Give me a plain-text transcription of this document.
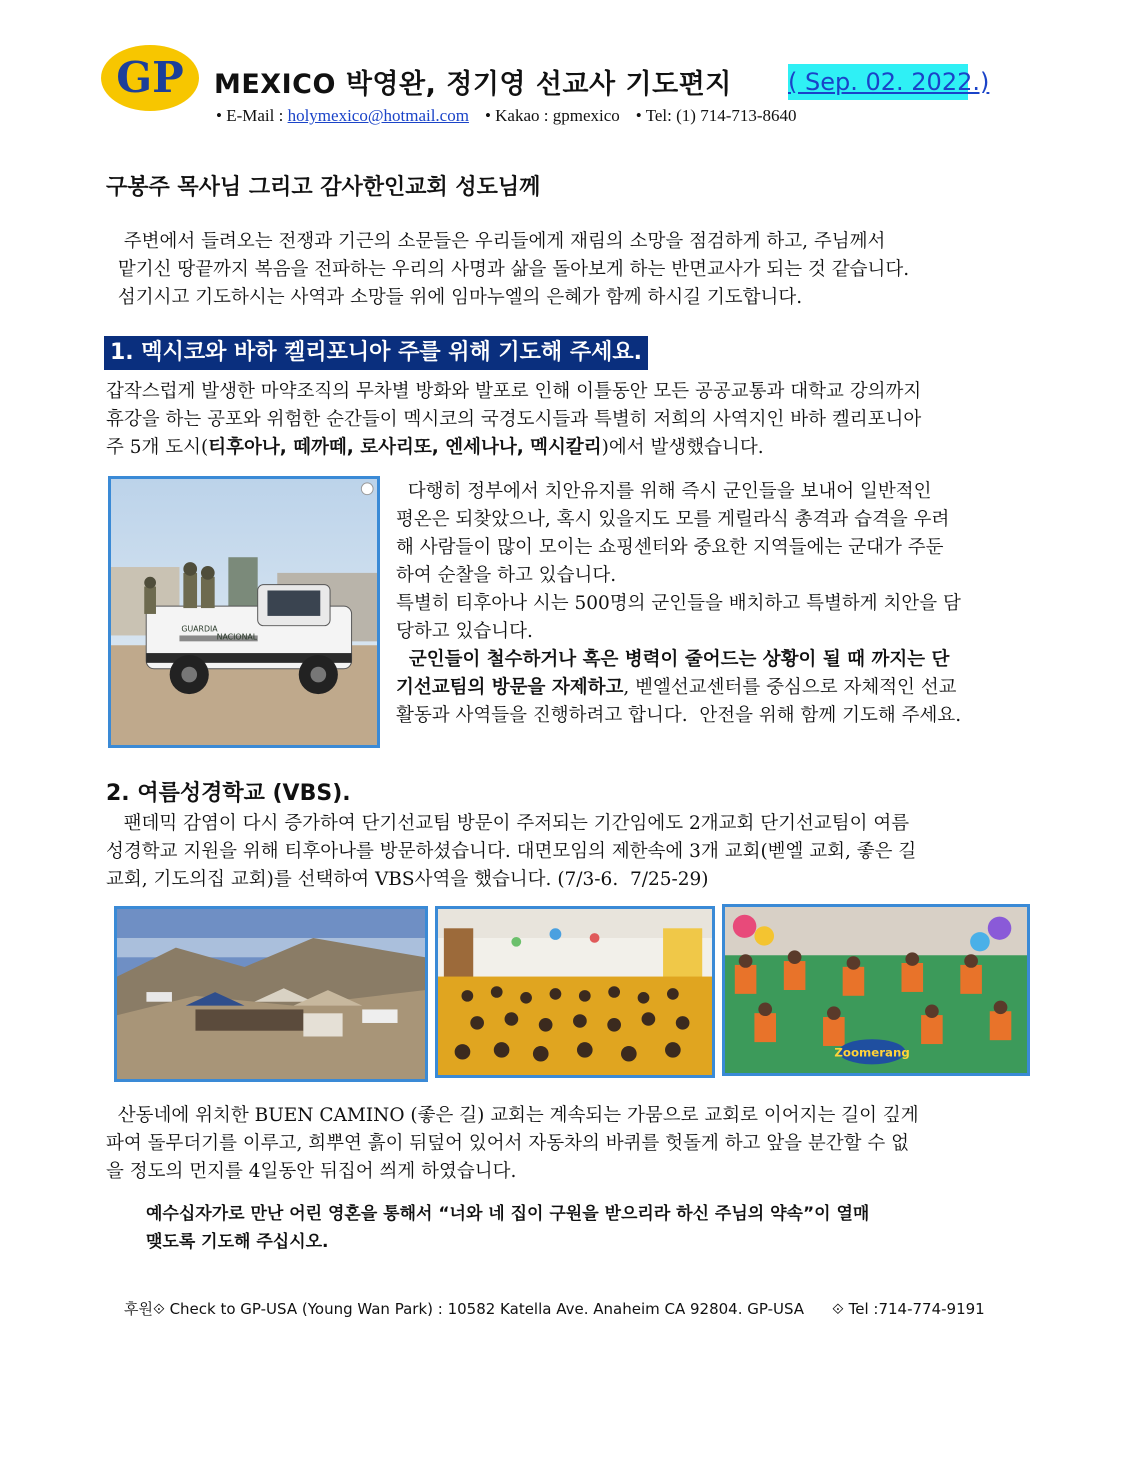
GP MEXICO 박영완, 정기영 선교사 기도편지 ( Sep. 02. 2022.)
• E-Mail : holymexico@hotmail.com • Kakao : gpmexico • Tel: (1) 714-713-8640
구봉주 목사님 그리고 감사한인교회 성도님께
주변에서 들려오는 전쟁과 기근의 소문들은 우리들에게 재림의 소망을 점검하게 하고, 주님께서
맡기신 땅끝까지 복음을 전파하는 우리의 사명과 삶을 돌아보게 하는 반면교사가 되는 것 같습니다.
섬기시고 기도하시는 사역과 소망들 위에 임마누엘의 은혜가 함께 하시길 기도합니다.
1. 멕시코와 바하 켈리포니아 주를 위해 기도해 주세요.
갑작스럽게 발생한 마약조직의 무차별 방화와 발포로 인해 이틀동안 모든 공공교통과 대학교 강의까지
휴강을 하는 공포와 위험한 순간들이 멕시코의 국경도시들과 특별히 저희의 사역지인 바하 켈리포니아
주 5개 도시(티후아나, 떼까떼, 로사리또, 엔세나나, 멕시칼리)에서 발생했습니다.
GUARDIA
NACIONAL
다행히 정부에서 치안유지를 위해 즉시 군인들을 보내어 일반적인
평온은 되찾았으나, 혹시 있을지도 모를 게릴라식 총격과 습격을 우려
해 사람들이 많이 모이는 쇼핑센터와 중요한 지역들에는 군대가 주둔
하여 순찰을 하고 있습니다.
특별히 티후아나 시는 500명의 군인들을 배치하고 특별하게 치안을 담
당하고 있습니다.
군인들이 철수하거나 혹은 병력이 줄어드는 상황이 될 때 까지는 단
기선교팀의 방문을 자제하고, 벧엘선교센터를 중심으로 자체적인 선교
활동과 사역들을 진행하려고 합니다.  안전을 위해 함께 기도해 주세요.
2. 여름성경학교 (VBS).
팬데믹 감염이 다시 증가하여 단기선교팀 방문이 주저되는 기간임에도 2개교회 단기선교팀이 여름
성경학교 지원을 위해 티후아나를 방문하셨습니다. 대면모임의 제한속에 3개 교회(벧엘 교회, 좋은 길
교회, 기도의집 교회)를 선택하여 VBS사역을 했습니다. (7/3-6.  7/25-29)
Zoomerang
산동네에 위치한 BUEN CAMINO (좋은 길) 교회는 계속되는 가뭄으로 교회로 이어지는 길이 깊게
파여 돌무더기를 이루고, 희뿌연 흙이 뒤덮어 있어서 자동차의 바퀴를 헛돌게 하고 앞을 분간할 수 없
을 정도의 먼지를 4일동안 뒤집어 씌게 하였습니다.
예수십자가로 만난 어린 영혼을 통해서 “너와 네 집이 구원을 받으리라 하신 주님의 약속”이 열매
맺도록 기도해 주십시오.
후원⟐ Check to GP-USA (Young Wan Park) : 10582 Katella Ave. Anaheim CA 92804. GP-USA ⟐ Tel :714-774-9191
